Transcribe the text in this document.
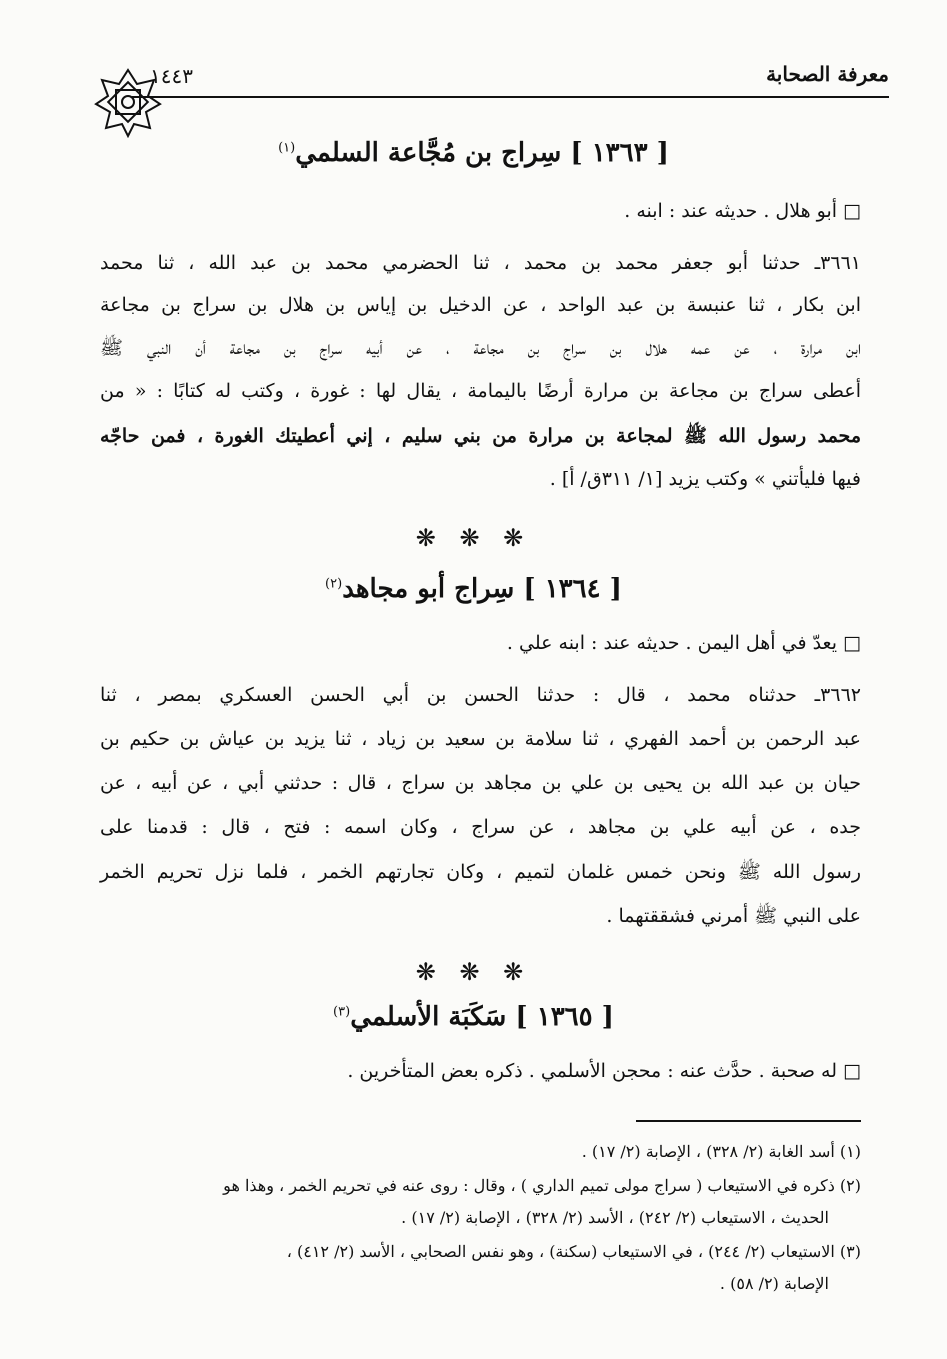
معرفة الصحابة
١٤٤٣
[ ١٣٦٣ ] سِراج بن مُجَّاعة السلمي$^{(١)}$
□ أبو هلال . حديثه عند : ابنه .
٣٦٦١ـ حدثنا أبو جعفر محمد بن محمد ، ثنا الحضرمي محمد بن عبد الله ، ثنا محمد
ابن بكار ، ثنا عنبسة بن عبد الواحد ، عن الدخيل بن إياس بن هلال بن سراج بن مجاعة
ابن مرارة ، عن عمه هلال بن سراج بن مجاعة ، عن أبيه سراج بن مجاعة أن النبي ﷺ
أعطى سراج بن مجاعة بن مرارة أرضًا باليمامة ، يقال لها : غورة ، وكتب له كتابًا : « من
محمد رسول الله ﷺ لمجاعة بن مرارة من بني سليم ، إني أعطيتك الغورة ، فمن حاجّه
فيها فليأتني » وكتب يزيد [١/ ٣١١ق/ أ] .
❋ ❋ ❋
[ ١٣٦٤ ] سِراج أبو مجاهد$^{(٢)}$
□ يعدّ في أهل اليمن . حديثه عند : ابنه علي .
٣٦٦٢ـ حدثناه محمد ، قال : حدثنا الحسن بن أبي الحسن العسكري بمصر ، ثنا
عبد الرحمن بن أحمد الفهري ، ثنا سلامة بن سعيد بن زياد ، ثنا يزيد بن عياش بن حكيم بن
حيان بن عبد الله بن يحيى بن علي بن مجاهد بن سراج ، قال : حدثني أبي ، عن أبيه ، عن
جده ، عن أبيه علي بن مجاهد ، عن سراج ، وكان اسمه : فتح ، قال : قدمنا على
رسول الله ﷺ ونحن خمس غلمان لتميم ، وكان تجارتهم الخمر ، فلما نزل تحريم الخمر
على النبي ﷺ أمرني فشققتهما .
❋ ❋ ❋
[ ١٣٦٥ ] سَكَبَة الأسلمي$^{(٣)}$
□ له صحبة . حدَّث عنه : محجن الأسلمي . ذكره بعض المتأخرين .
(١) أسد الغابة (٢/ ٣٢٨) ، الإصابة (٢/ ١٧) .
(٢) ذكره في الاستيعاب ( سراج مولى تميم الداري ) ، وقال : روى عنه في تحريم الخمر ، وهذا هو
الحديث ، الاستيعاب (٢/ ٢٤٢) ، الأسد (٢/ ٣٢٨) ، الإصابة (٢/ ١٧) .
(٣) الاستيعاب (٢/ ٢٤٤) ، في الاستيعاب (سكنة) ، وهو نفس الصحابي ، الأسد (٢/ ٤١٢) ،
الإصابة (٢/ ٥٨) .
